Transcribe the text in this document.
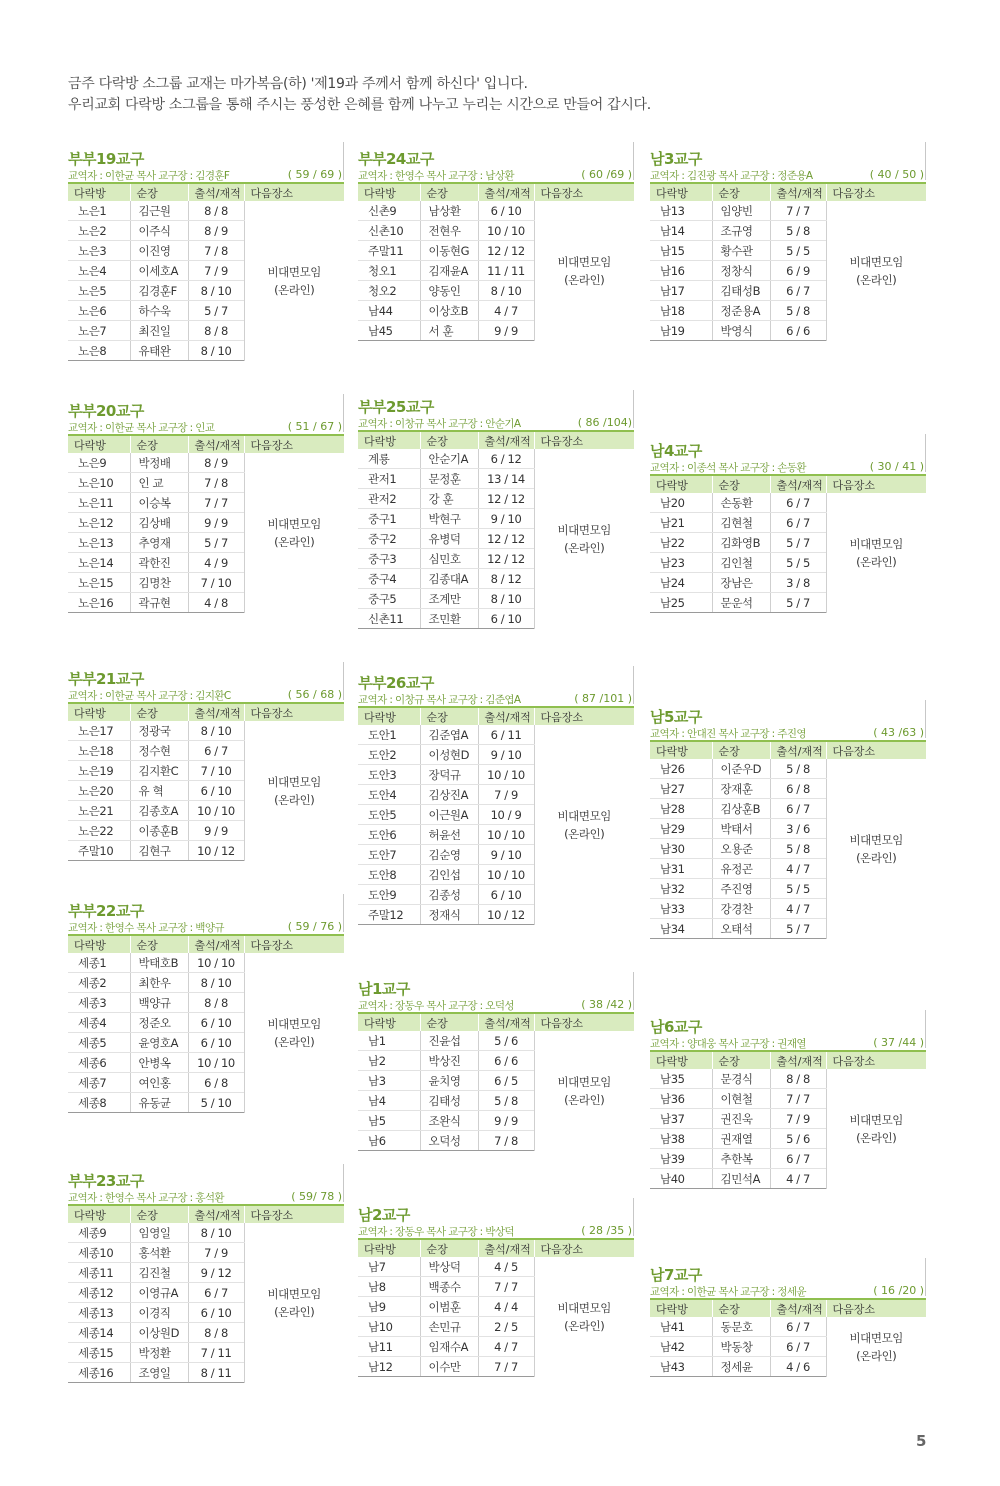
금주 다락방 소그룹 교재는 마가복음(하) '제19과 주께서 함께 하신다' 입니다.

우리교회 다락방 소그룹을 통해 주시는 풍성한 은혜를 함께 나누고 누리는 시간으로 만들어 갑시다.

부부19교구
교역자 : 이한균 목사 교구장 : 김경훈F	( 59 / 69 )
다락방	순장	출석/재적	다음장소
노은1	김근원	8 / 8	비대면모임
(온라인)
노은2	이주식	8 / 9	
노은3	이진영	7 / 8	
노은4	이세호A	7 / 9	
노은5	김경훈F	8 / 10	
노은6	하수욱	5 / 7	
노은7	최진일	8 / 8	
노은8	유태완	8 / 10	
부부20교구
교역자 : 이한균 목사 교구장 : 인교	( 51 / 67 )
다락방	순장	출석/재적	다음장소
노은9	박정배	8 / 9	비대면모임
(온라인)
노은10	인 교	7 / 8	
노은11	이승복	7 / 7	
노은12	김상배	9 / 9	
노은13	추영재	5 / 7	
노은14	곽한진	4 / 9	
노은15	김명찬	7 / 10	
노은16	곽규현	4 / 8	
부부21교구
교역자 : 이한균 목사 교구장 : 김지환C	( 56 / 68 )
다락방	순장	출석/재적	다음장소
노은17	정광국	8 / 10	비대면모임
(온라인)
노은18	정수현	6 / 7	
노은19	김지환C	7 / 10	
노은20	유 혁	6 / 10	
노은21	김종호A	10 / 10	
노은22	이종훈B	9 / 9	
주말10	김현구	10 / 12	
부부22교구
교역자 : 한영수 목사 교구장 : 백양규	( 59 / 76 )
다락방	순장	출석/재적	다음장소
세종1	박태호B	10 / 10	비대면모임
(온라인)
세종2	최한우	8 / 10	
세종3	백양규	8 / 8	
세종4	정준오	6 / 10	
세종5	윤영호A	6 / 10	
세종6	안병옥	10 / 10	
세종7	여인홍	6 / 8	
세종8	유동균	5 / 10	
부부23교구
교역자 : 한영수 목사 교구장 : 홍석환	( 59/ 78 )
다락방	순장	출석/재적	다음장소
세종9	임영일	8 / 10	비대면모임
(온라인)
세종10	홍석환	7 / 9	
세종11	김진철	9 / 12	
세종12	이영규A	6 / 7	
세종13	이경직	6 / 10	
세종14	이상원D	8 / 8	
세종15	박정환	7 / 11	
세종16	조영일	8 / 11	
부부24교구
교역자 : 한영수 목사 교구장 : 남상환	( 60 /69 )
다락방	순장	출석/재적	다음장소
신촌9	남상환	6 / 10	비대면모임
(온라인)
신촌10	전현우	10 / 10	
주말11	이동현G	12 / 12	
청오1	김재윤A	11 / 11	
청오2	양동인	8 / 10	
남44	이상호B	4 / 7	
남45	서 훈	9 / 9	
부부25교구
교역자 : 이창규 목사 교구장 : 안순기A	( 86 /104)
다락방	순장	출석/재적	다음장소
계룡	안순기A	6 / 12	비대면모임
(온라인)
관저1	문정훈	13 / 14	
관저2	강 훈	12 / 12	
중구1	박현구	9 / 10	
중구2	유병덕	12 / 12	
중구3	심민호	12 / 12	
중구4	김종대A	8 / 12	
중구5	조계만	8 / 10	
신촌11	조민환	6 / 10	
부부26교구
교역자 : 이창규 목사 교구장 : 김준엽A	( 87 /101 )
다락방	순장	출석/재적	다음장소
도안1	김준엽A	6 / 11	비대면모임
(온라인)
도안2	이성현D	9 / 10	
도안3	장덕규	10 / 10	
도안4	김상진A	7 / 9	
도안5	이근원A	10 / 9	
도안6	허윤선	10 / 10	
도안7	김순영	9 / 10	
도안8	김인섭	10 / 10	
도안9	김종성	6 / 10	
주말12	정재식	10 / 12	
남1교구
교역자 : 장동우 목사 교구장 : 오덕성	( 38 /42 )
다락방	순장	출석/재적	다음장소
남1	진윤섭	5 / 6	비대면모임
(온라인)
남2	박상진	6 / 6	
남3	윤치영	6 / 5	
남4	김태성	5 / 8	
남5	조완식	9 / 9	
남6	오덕성	7 / 8	
남2교구
교역자 : 장동우 목사 교구장 : 박상덕	( 28 /35 )
다락방	순장	출석/재적	다음장소
남7	박상덕	4 / 5	비대면모임
(온라인)
남8	백종수	7 / 7	
남9	이범훈	4 / 4	
남10	손민규	2 / 5	
남11	임재수A	4 / 7	
남12	이수만	7 / 7	
남3교구
교역자 : 김진광 목사 교구장 : 정준용A	( 40 / 50 )
다락방	순장	출석/재적	다음장소
남13	임양빈	7 / 7	비대면모임
(온라인)
남14	조규영	5 / 8	
남15	황수관	5 / 5	
남16	정창식	6 / 9	
남17	김태성B	6 / 7	
남18	정준용A	5 / 8	
남19	박영식	6 / 6	
남4교구
교역자 : 이종석 목사 교구장 : 손동환	( 30 / 41 )
다락방	순장	출석/재적	다음장소
남20	손동환	6 / 7	비대면모임
(온라인)
남21	김현철	6 / 7	
남22	김화영B	5 / 7	
남23	김인철	5 / 5	
남24	장남은	3 / 8	
남25	문운석	5 / 7	
남5교구
교역자 : 안대진 목사 교구장 : 주진영	( 43 /63 )
다락방	순장	출석/재적	다음장소
남26	이준우D	5 / 8	비대면모임
(온라인)
남27	장재훈	6 / 8	
남28	김상훈B	6 / 7	
남29	박태서	3 / 6	
남30	오용준	5 / 8	
남31	유정곤	4 / 7	
남32	주진영	5 / 5	
남33	강경찬	4 / 7	
남34	오태석	5 / 7	
남6교구
교역자 : 양대웅 목사 교구장 : 권재열	( 37 /44 )
다락방	순장	출석/재적	다음장소
남35	문경식	8 / 8	비대면모임
(온라인)
남36	이현철	7 / 7	
남37	권진욱	7 / 9	
남38	권재열	5 / 6	
남39	추한복	6 / 7	
남40	김민석A	4 / 7	
남7교구
교역자 : 이한균 목사 교구장 : 정세윤	( 16 /20 )
다락방	순장	출석/재적	다음장소
남41	동문호	6 / 7	비대면모임
(온라인)
남42	박동창	6 / 7	
남43	정세윤	4 / 6	
5
